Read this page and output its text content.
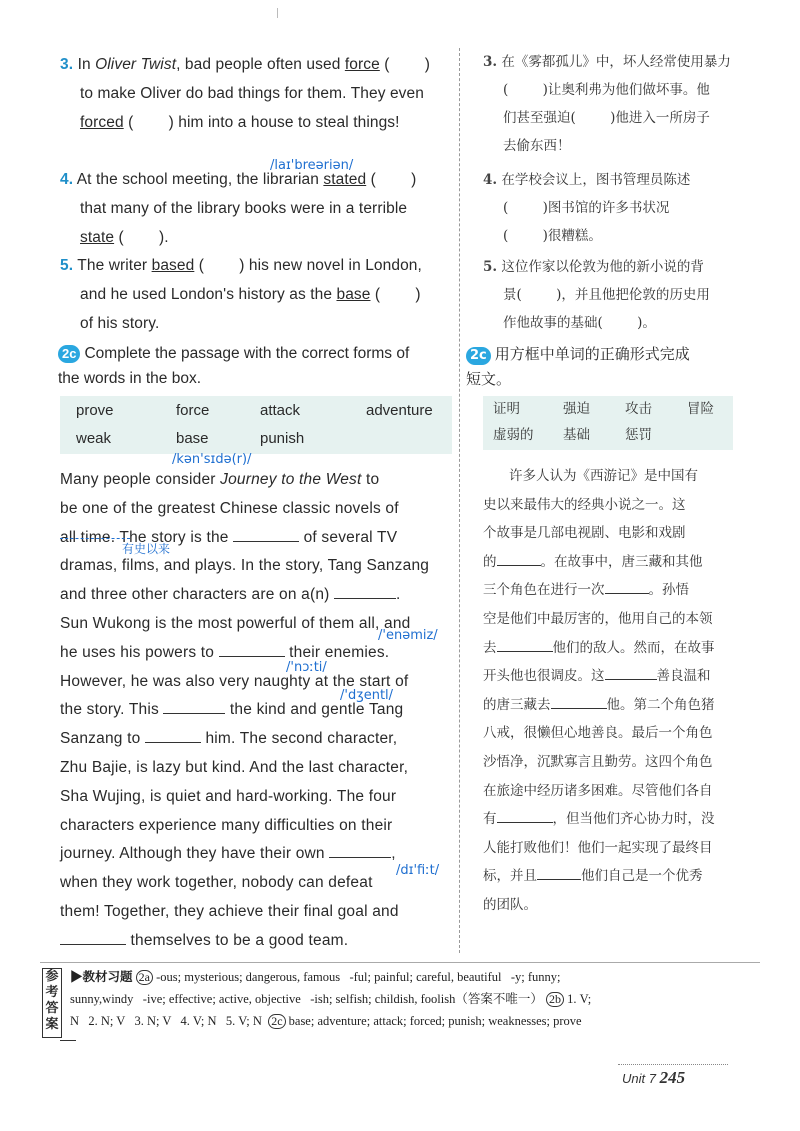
3. In Oliver Twist, bad people often used force (        )
to make Oliver do bad things for them. They even
forced (        ) him into a house to steal things!
/laɪ'breəriən/
4. At the school meeting, the librarian stated (        )
that many of the library books were in a terrible
state (        ).
5. The writer based (        ) his new novel in London,
and he used London's history as the base (        )
of his story.
2c Complete the passage with the correct forms of
the words in the box.
prove	force	attack	adventure
weak	base	punish
/kən'sɪdə(r)/
Many people consider Journey to the West to
be one of the greatest Chinese classic novels of
all time. The story is the	of several TV
dramas, films, and plays. In the story, Tang Sanzang
and three other characters are on a(n)	.
Sun Wukong is the most powerful of them all, and
he uses his powers to	their enemies.
However, he was also very naughty at the start of
the story. This	the kind and gentle Tang
Sanzang to	him. The second character,
Zhu Bajie, is lazy but kind. And the last character,
Sha Wujing, is quiet and hard-working. The four
characters experience many difficulties on their
journey. Although they have their own	,
when they work together, nobody can defeat
them! Together, they achieve their final goal and
themselves to be a good team.
有史以来
/'enəmiz/
/'nɔːti/
/'dʒentl/
/dɪ'fiːt/
3. 在《雾都孤儿》中，坏人经常使用暴力
(        )让奥利弗为他们做坏事。他
们甚至强迫(        )他进入一所房子
去偷东西！
4. 在学校会议上，图书管理员陈述
(        )图书馆的许多书状况
(        )很糟糕。
5. 这位作家以伦敦为他的新小说的背
景(        )，并且他把伦敦的历史用
作他故事的基础(        )。
2c 用方框中单词的正确形式完成
短文。
证明	强迫	攻击	冒险
虚弱的 基础	惩罚
许多人认为《西游记》是中国有
史以来最伟大的经典小说之一。这
个故事是几部电视剧、电影和戏剧
的	。在故事中，唐三藏和其他
三个角色在进行一次	。孙悟
空是他们中最厉害的，他用自己的本领
去	他们的敌人。然而，在故事
开头他也很调皮。这	善良温和
的唐三藏去	他。第二个角色猪
八戒，很懒但心地善良。最后一个角色
沙悟净，沉默寡言且勤劳。这四个角色
在旅途中经历诸多困难。尽管他们各自
有	，但当他们齐心协力时，没
人能打败他们！他们一起实现了最终目
标，并且	他们自己是一个优秀
的团队。
参考答案
▶教材习题 2a -ous; mysterious; dangerous, famous   -ful; painful; careful, beautiful   -y; funny;
sunny,windy   -ive; effective; active, objective   -ish; selfish; childish, foolish（答案不唯一） 2b 1. V;
N   2. N; V   3. N; V   4. V; N   5. V; N  2c base; adventure; attack; forced; punish; weaknesses; prove
Unit 7 245
